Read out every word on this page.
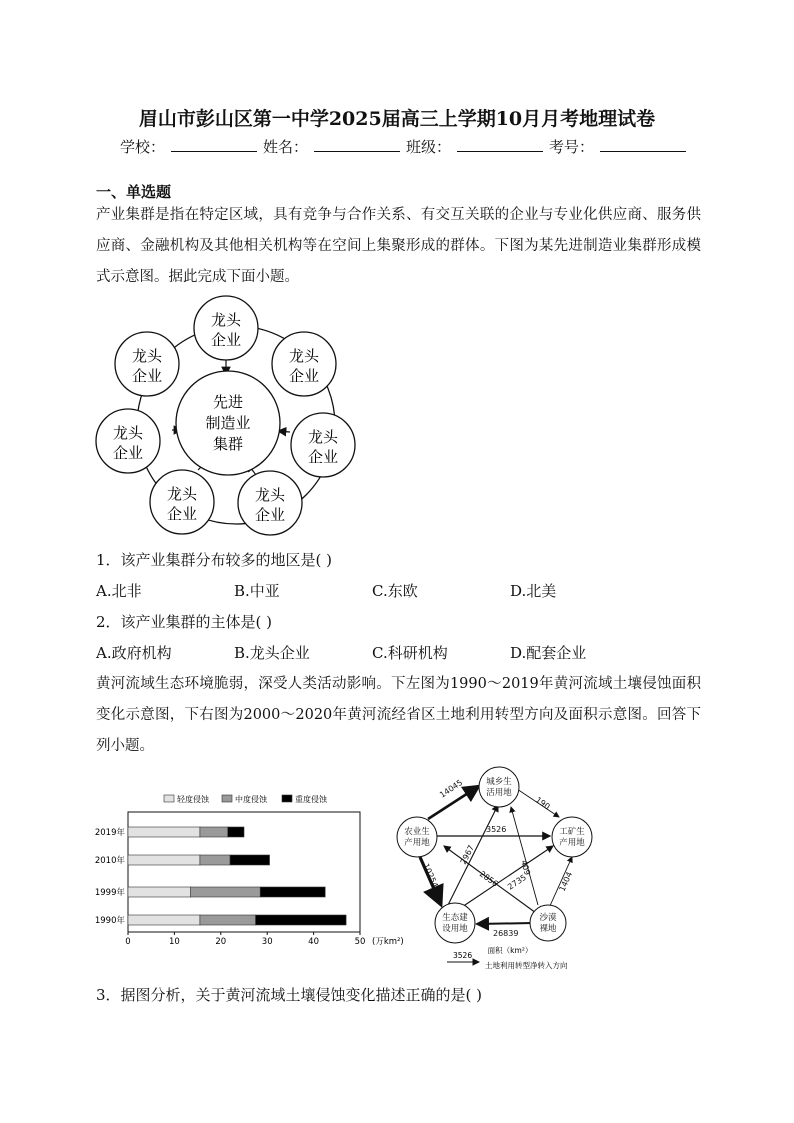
眉山市彭山区第一中学2025届高三上学期10月月考地理试卷
学校：	姓名：	班级：	考号：
一、单选题
产业集群是指在特定区域，具有竞争与合作关系、有交互关联的企业与专业化供应商、服务供应商、金融机构及其他相关机构等在空间上集聚形成的群体。下图为某先进制造业集群形成模式示意图。据此完成下面小题。
先进
制造业
集群
龙头
企业
龙头
企业
龙头
企业
龙头
企业
龙头
企业
龙头
企业
龙头
企业
1．该产业集群分布较多的地区是( )
A.北非	B.中亚	C.东欧	D.北美
2．该产业集群的主体是( )
A.政府机构	B.龙头企业	C.科研机构	D.配套企业
黄河流域生态环境脆弱，深受人类活动影响。下左图为1990～2019年黄河流域土壤侵蚀面积变化示意图，下右图为2000～2020年黄河流经省区土地利用转型方向及面积示意图。回答下列小题。
轻度侵蚀	中度侵蚀	重度侵蚀
2019年
2010年
1999年
1990年
0	10	20	30	40	50 (万km²)
14045
190
3526
2967
409
102547	2856 2735	1404
26839
城乡生
活用地
农业生
产用地
工矿生
产用地
生态建
设用地
沙漠
裸地
面积（km²）
3526
土地利用转型净转入方向
3．据图分析，关于黄河流域土壤侵蚀变化描述正确的是( )
